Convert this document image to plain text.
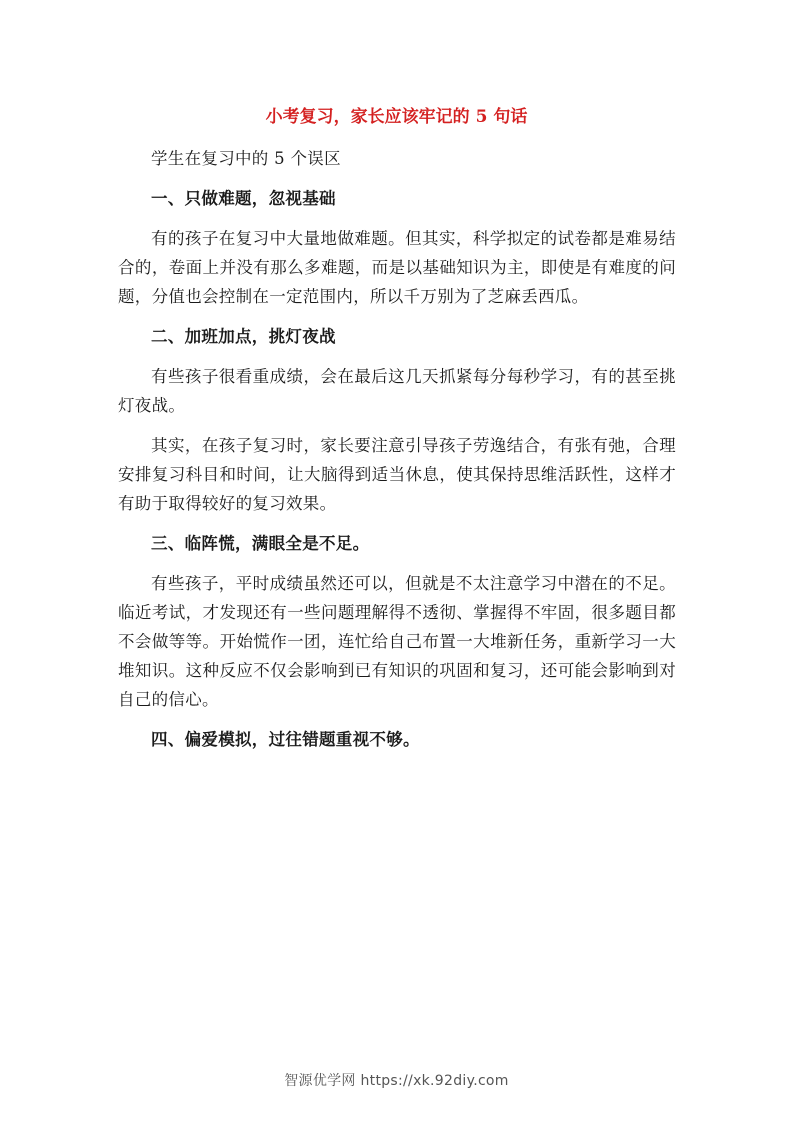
小考复习，家长应该牢记的 5 句话

学生在复习中的 5 个误区

一、只做难题，忽视基础

有的孩子在复习中大量地做难题。但其实，科学拟定的试卷都是难易结合的，卷面上并没有那么多难题，而是以基础知识为主，即使是有难度的问题，分值也会控制在一定范围内，所以千万别为了芝麻丢西瓜。

二、加班加点，挑灯夜战

有些孩子很看重成绩，会在最后这几天抓紧每分每秒学习，有的甚至挑灯夜战。

其实，在孩子复习时，家长要注意引导孩子劳逸结合，有张有弛，合理安排复习科目和时间，让大脑得到适当休息，使其保持思维活跃性，这样才有助于取得较好的复习效果。

三、临阵慌，满眼全是不足。

有些孩子，平时成绩虽然还可以，但就是不太注意学习中潜在的不足。临近考试，才发现还有一些问题理解得不透彻、掌握得不牢固，很多题目都不会做等等。开始慌作一团，连忙给自己布置一大堆新任务，重新学习一大堆知识。这种反应不仅会影响到已有知识的巩固和复习，还可能会影响到对自己的信心。

四、偏爱模拟，过往错题重视不够。

智源优学网 https://xk.92diy.com
